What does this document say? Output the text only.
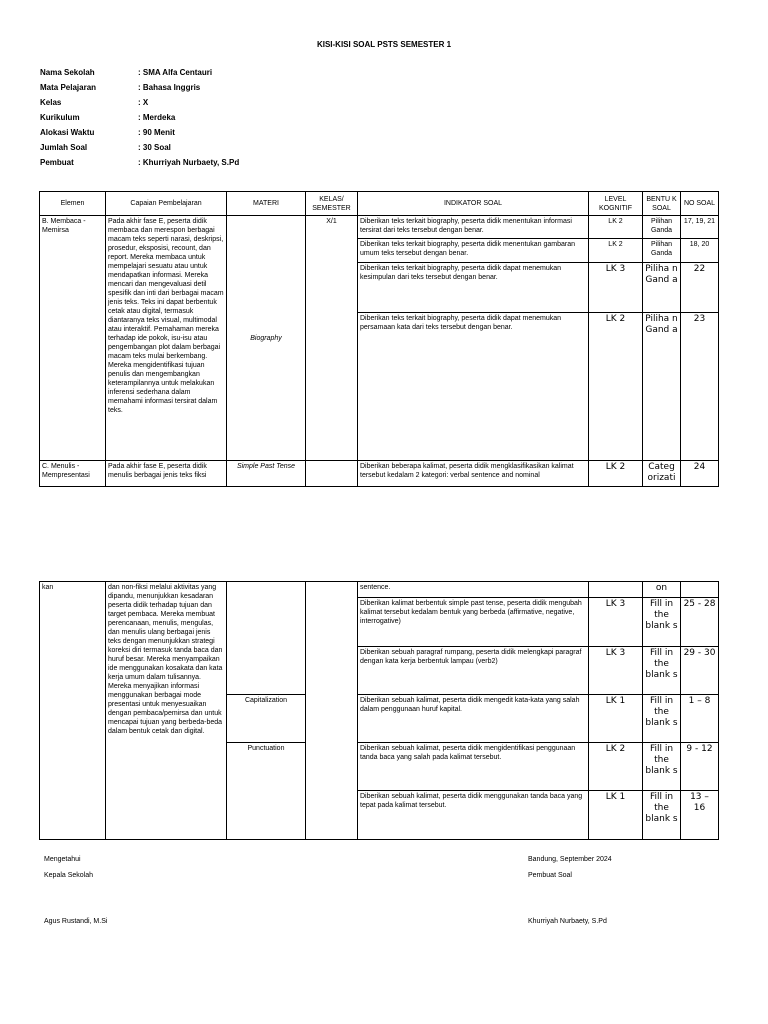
KISI-KISI SOAL PSTS SEMESTER 1
Nama Sekolah	: SMA Alfa Centauri
Mata Pelajaran	: Bahasa Inggris
Kelas	: X
Kurikulum	: Merdeka
Alokasi Waktu	: 90 Menit
Jumlah Soal	: 30 Soal
Pembuat	: Khurriyah Nurbaety, S.Pd
Elemen	Capaian Pembelajaran	MATERI	KELAS/ SEMESTER	INDIKATOR SOAL	LEVEL KOGNITIF	BENTU K SOAL	NO SOAL
B. Membaca - Memirsa	Pada akhir fase E, peserta didik membaca dan merespon berbagai macam teks seperti narasi, deskripsi, prosedur, eksposisi, recount, dan report. Mereka membaca untuk mempelajari sesuatu atau untuk mendapatkan informasi. Mereka mencari dan mengevaluasi detil spesifik dan inti dari berbagai macam jenis teks. Teks ini dapat berbentuk cetak atau digital, termasuk diantaranya teks visual, multimodal atau interaktif. Pemahaman mereka terhadap ide pokok, isu-isu atau pengembangan plot dalam berbagai macam teks mulai berkembang. Mereka mengidentifikasi tujuan penulis dan mengembangkan keterampilannya untuk melakukan inferensi sederhana dalam memahami informasi tersirat dalam teks.	Biography	X/1	Diberikan teks terkait biography, peserta didik menentukan informasi tersirat dari teks tersebut dengan benar.	LK 2	Pilihan Ganda	17, 19, 21
				Diberikan teks terkait biography, peserta didik menentukan gambaran umum teks tersebut dengan benar.	LK 2	Pilihan Ganda	18, 20
				Diberikan teks terkait biography, peserta didik dapat menemukan kesimpulan dari teks tersebut dengan benar.	LK 3	Piliha n Gand a	22
				Diberikan teks terkait biography, peserta didik dapat menemukan persamaan kata dari teks tersebut dengan benar.	LK 2	Piliha n Gand a	23
C. Menulis - Mempresentasi	Pada akhir fase E, peserta didik menulis berbagai jenis teks fiksi	Simple Past Tense		Diberikan beberapa kalimat, peserta didik mengklasifikasikan kalimat tersebut kedalam 2 kategori: verbal sentence and nominal	LK 2	Categ orizati	24
kan	dan non-fiksi melalui aktivitas yang dipandu, menunjukkan kesadaran peserta didik terhadap tujuan dan target pembaca. Mereka membuat perencanaan, menulis, mengulas, dan menulis ulang berbagai jenis teks dengan menunjukkan strategi koreksi diri termasuk tanda baca dan huruf besar. Mereka menyampaikan ide menggunakan kosakata dan kata kerja umum dalam tulisannya. Mereka menyajikan informasi menggunakan berbagai mode presentasi untuk menyesuaikan dengan pembaca/pemirsa dan untuk mencapai tujuan yang berbeda-beda dalam bentuk cetak dan digital.			sentence.		on	
				Diberikan kalimat berbentuk simple past tense, peserta didik mengubah kalimat tersebut kedalam bentuk yang berbeda (affirmative, negative, interrogative)	LK 3	Fill in the blank s	25 - 28
				Diberikan sebuah paragraf rumpang, peserta didik melengkapi paragraf dengan kata kerja berbentuk lampau (verb2)	LK 3	Fill in the blank s	29 - 30
		Capitalization		Diberikan sebuah kalimat, peserta didik mengedit kata-kata yang salah dalam penggunaan huruf kapital.	LK 1	Fill in the blank s	1 – 8
		Punctuation		Diberikan sebuah kalimat, peserta didik mengidentifikasi penggunaan tanda baca yang salah pada kalimat tersebut.	LK 2	Fill in the blank s	9 - 12
				Diberikan sebuah kalimat, peserta didik menggunakan tanda baca yang tepat pada kalimat tersebut.	LK 1	Fill in the blank s	13 – 16
Mengetahui
Kepala Sekolah
Agus Rustandi, M.Si
Bandung, September 2024
Pembuat Soal
Khurriyah Nurbaety, S.Pd
